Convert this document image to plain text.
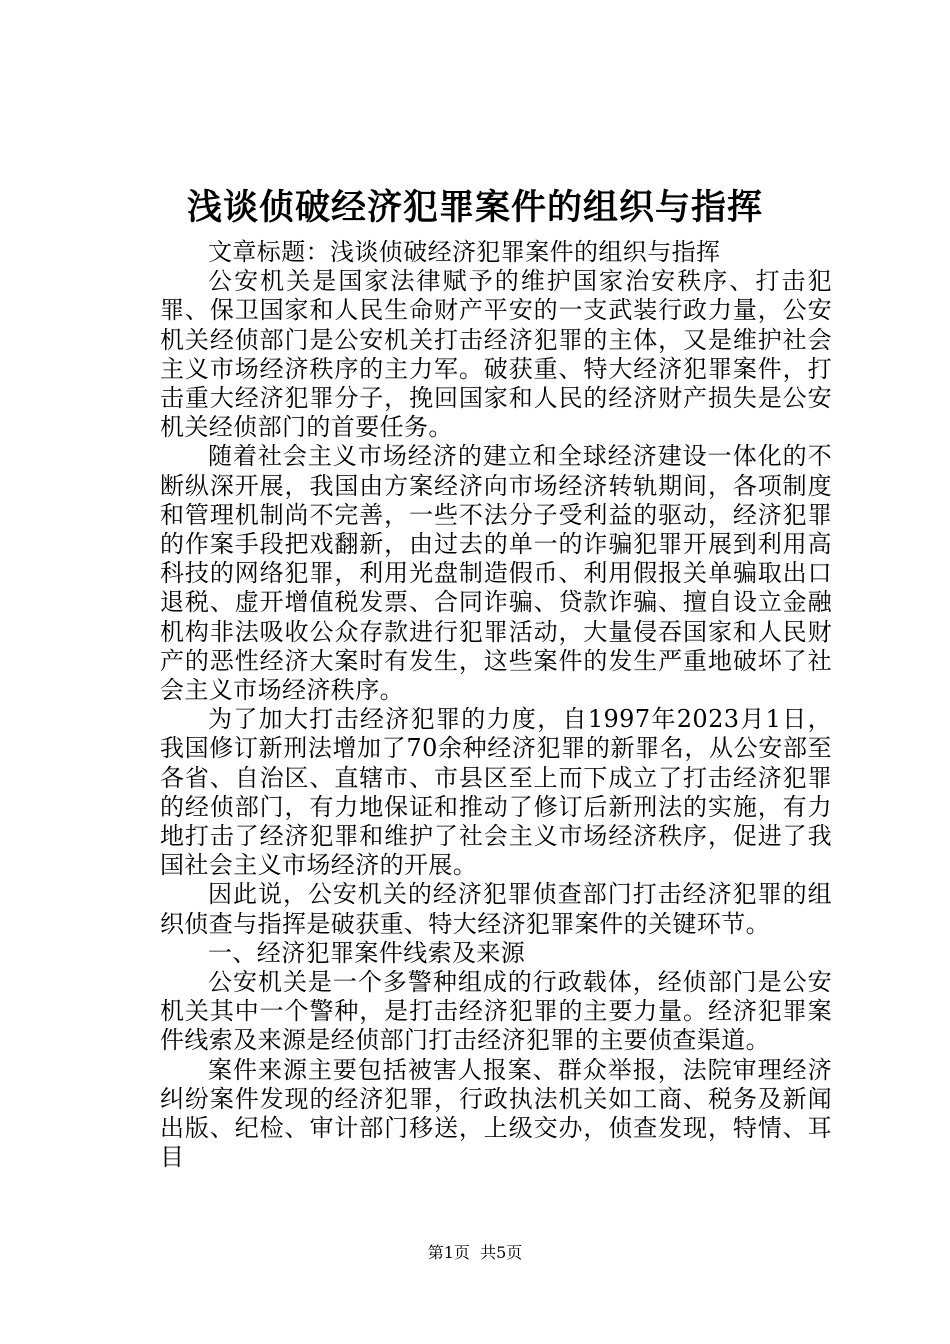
浅谈侦破经济犯罪案件的组织与指挥

文章标题：浅谈侦破经济犯罪案件的组织与指挥

公安机关是国家法律赋予的维护国家治安秩序、打击犯罪、保卫国家和人民生命财产平安的一支武装行政力量，公安机关经侦部门是公安机关打击经济犯罪的主体，又是维护社会主义市场经济秩序的主力军。破获重、特大经济犯罪案件，打击重大经济犯罪分子，挽回国家和人民的经济财产损失是公安机关经侦部门的首要任务。

随着社会主义市场经济的建立和全球经济建设一体化的不断纵深开展，我国由方案经济向市场经济转轨期间，各项制度和管理机制尚不完善，一些不法分子受利益的驱动，经济犯罪的作案手段把戏翻新，由过去的单一的诈骗犯罪开展到利用高科技的网络犯罪，利用光盘制造假币、利用假报关单骗取出口退税、虚开增值税发票、合同诈骗、贷款诈骗、擅自设立金融机构非法吸收公众存款进行犯罪活动，大量侵吞国家和人民财产的恶性经济大案时有发生，这些案件的发生严重地破坏了社会主义市场经济秩序。

为了加大打击经济犯罪的力度，自1997年2023月1日，我国修订新刑法增加了70余种经济犯罪的新罪名，从公安部至各省、自治区、直辖市、市县区至上而下成立了打击经济犯罪的经侦部门，有力地保证和推动了修订后新刑法的实施，有力地打击了经济犯罪和维护了社会主义市场经济秩序，促进了我国社会主义市场经济的开展。

因此说，公安机关的经济犯罪侦查部门打击经济犯罪的组织侦查与指挥是破获重、特大经济犯罪案件的关键环节。

一、经济犯罪案件线索及来源

公安机关是一个多警种组成的行政载体，经侦部门是公安机关其中一个警种，是打击经济犯罪的主要力量。经济犯罪案件线索及来源是经侦部门打击经济犯罪的主要侦查渠道。

案件来源主要包括被害人报案、群众举报，法院审理经济纠纷案件发现的经济犯罪，行政执法机关如工商、税务及新闻出版、纪检、审计部门移送，上级交办，侦查发现，特情、耳目

第1页 共5页
